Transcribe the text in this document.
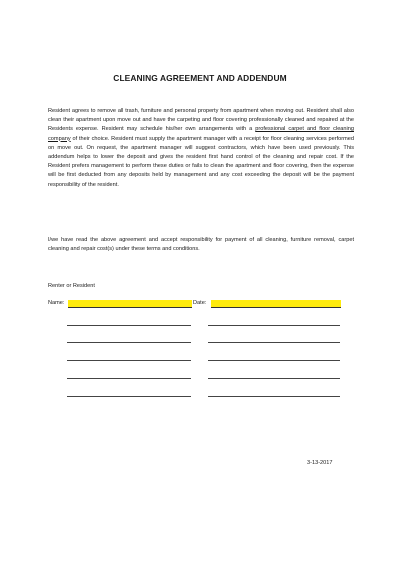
CLEANING AGREEMENT AND ADDENDUM
Resident agrees to remove all trash, furniture and personal property from apartment when moving out. Resident shall also clean their apartment upon move out and have the carpeting and floor covering professionally cleaned and repaired at the Residents expense. Resident may schedule his/her own arrangements with a professional carpet and floor cleaning company of their choice. Resident must supply the apartment manager with a receipt for floor cleaning services performed on move out. On request, the apartment manager will suggest contractors, which have been used previously. This addendum helps to lower the deposit and gives the resident first hand control of the cleaning and repair cost. If the Resident prefers management to perform these duties or fails to clean the apartment and floor covering, then the expense will be first deducted from any deposits held by management and any cost exceeding the deposit will be the payment responsibility of the resident.
I/we have read the above agreement and accept responsibility for payment of all cleaning, furniture removal, carpet cleaning and repair cost(s) under these terms and conditions.
Renter or Resident
Name:	Date:
3-13-2017
